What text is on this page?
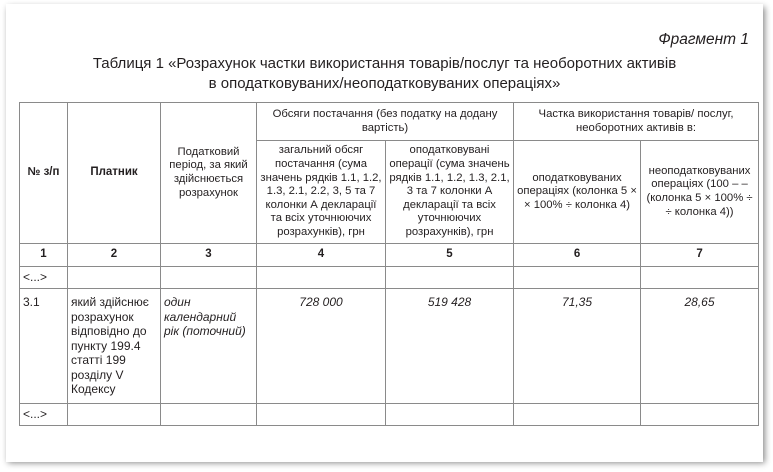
Фрагмент 1
Таблиця 1 «Розрахунок частки використання товарів/послуг та необоротних активів
в оподатковуваних/неоподатковуваних операціях»
№ з/п	Платник	Податковий період, за який здійснюється розрахунок	Обсяги постачання (без податку на додану вартість)		Частка використання товарів/ послуг, необоротних активів в:	
			загальний обсяг постачання (сума значень рядків 1.1, 1.2, 1.3, 2.1, 2.2, 3, 5 та 7 колонки А декларації та всіх уточнюючих розрахунків), грн	оподатковувані операції (сума значень рядків 1.1, 1.2, 1.3, 2.1, 3 та 7 колонки А декларації та всіх уточнюючих розрахунків), грн	оподатковуваних операціях (колонка 5 × × 100% ÷ колонка 4)	неоподатковуваних операціях (100 – – (колонка 5 × 100% ÷ ÷ колонка 4))
1	2	3	4	5	6	7
<...>						
3.1	який здійснює розрахунок відповідно до пункту 199.4 статті 199 розділу V Кодексу	один календарний рік (поточний)	728 000	519 428	71,35	28,65
<...>						
